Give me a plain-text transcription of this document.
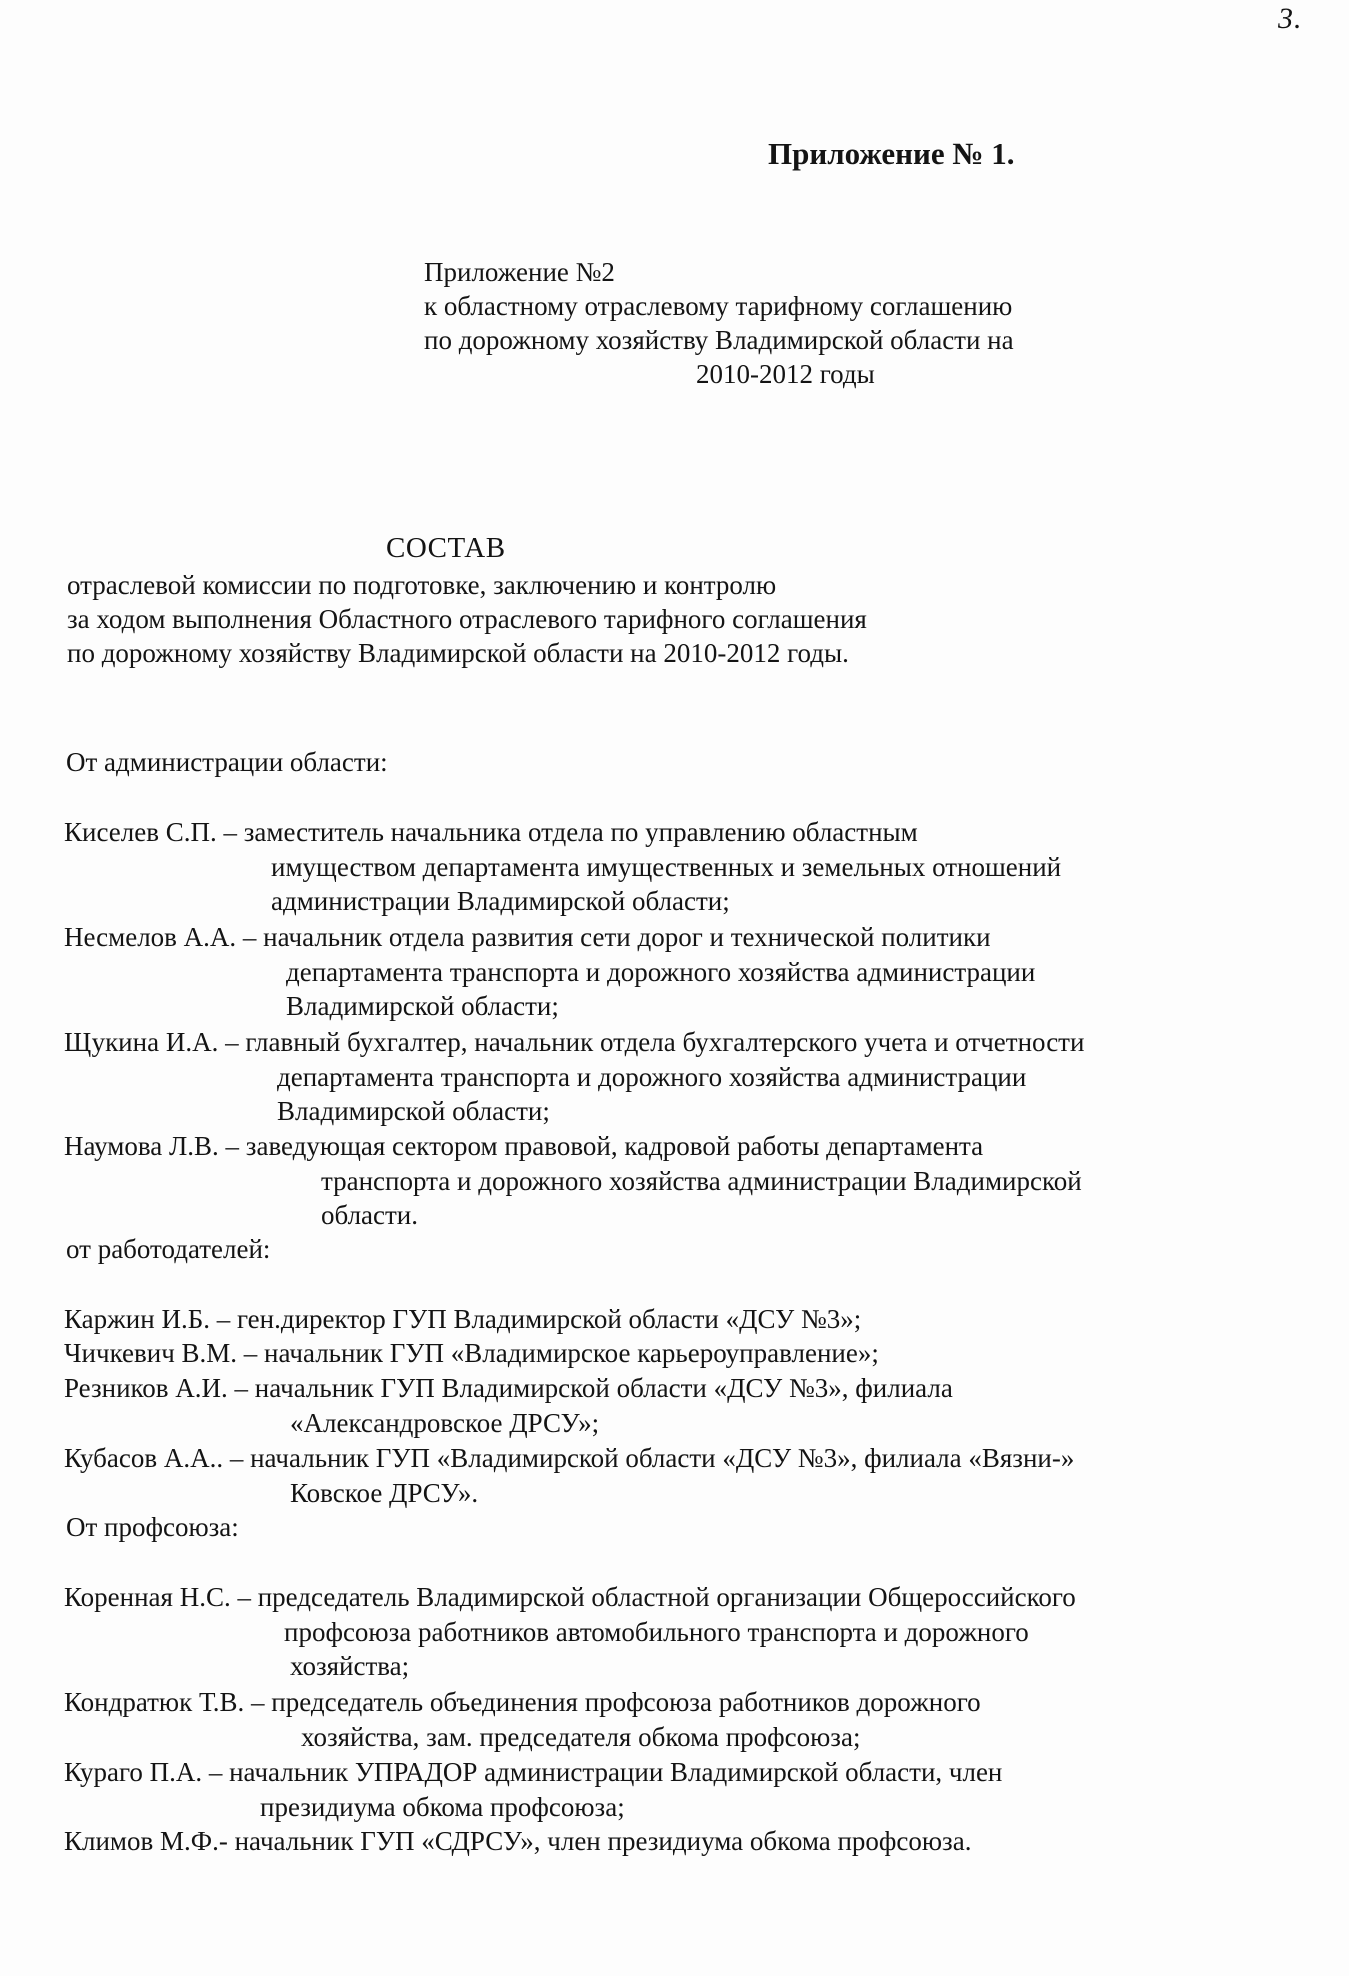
3.
Приложение № 1.
Приложение №2
к областному отраслевому тарифному соглашению
по дорожному хозяйству Владимирской области на
2010-2012 годы
СОСТАВ
отраслевой комиссии по подготовке, заключению и контролю
за ходом выполнения Областного отраслевого тарифного соглашения
по дорожному хозяйству Владимирской области на 2010-2012 годы.
От администрации области:
Киселев С.П. – заместитель начальника отдела по управлению областным
имуществом департамента имущественных и земельных отношений
администрации Владимирской области;
Несмелов А.А. – начальник отдела развития сети дорог и технической политики
департамента транспорта и дорожного хозяйства администрации
Владимирской области;
Щукина И.А. – главный бухгалтер, начальник отдела бухгалтерского учета и отчетности
департамента транспорта и дорожного хозяйства администрации
Владимирской области;
Наумова Л.В. – заведующая сектором правовой, кадровой работы департамента
транспорта и дорожного хозяйства администрации Владимирской
области.
от работодателей:
Каржин И.Б. – ген.директор ГУП Владимирской области «ДСУ №3»;
Чичкевич В.М. – начальник ГУП «Владимирское карьероуправление»;
Резников А.И. – начальник ГУП Владимирской области «ДСУ №3», филиала
«Александровское ДРСУ»;
Кубасов А.А.. – начальник ГУП «Владимирской области «ДСУ №3», филиала «Вязни-»
Ковское ДРСУ».
От профсоюза:
Коренная Н.С. – председатель Владимирской областной организации Общероссийского
профсоюза работников автомобильного транспорта и дорожного
хозяйства;
Кондратюк Т.В. – председатель объединения профсоюза работников дорожного
хозяйства, зам. председателя обкома профсоюза;
Кураго П.А. – начальник УПРАДОР администрации Владимирской области, член
президиума обкома профсоюза;
Климов М.Ф.- начальник ГУП «СДРСУ», член президиума обкома профсоюза.
